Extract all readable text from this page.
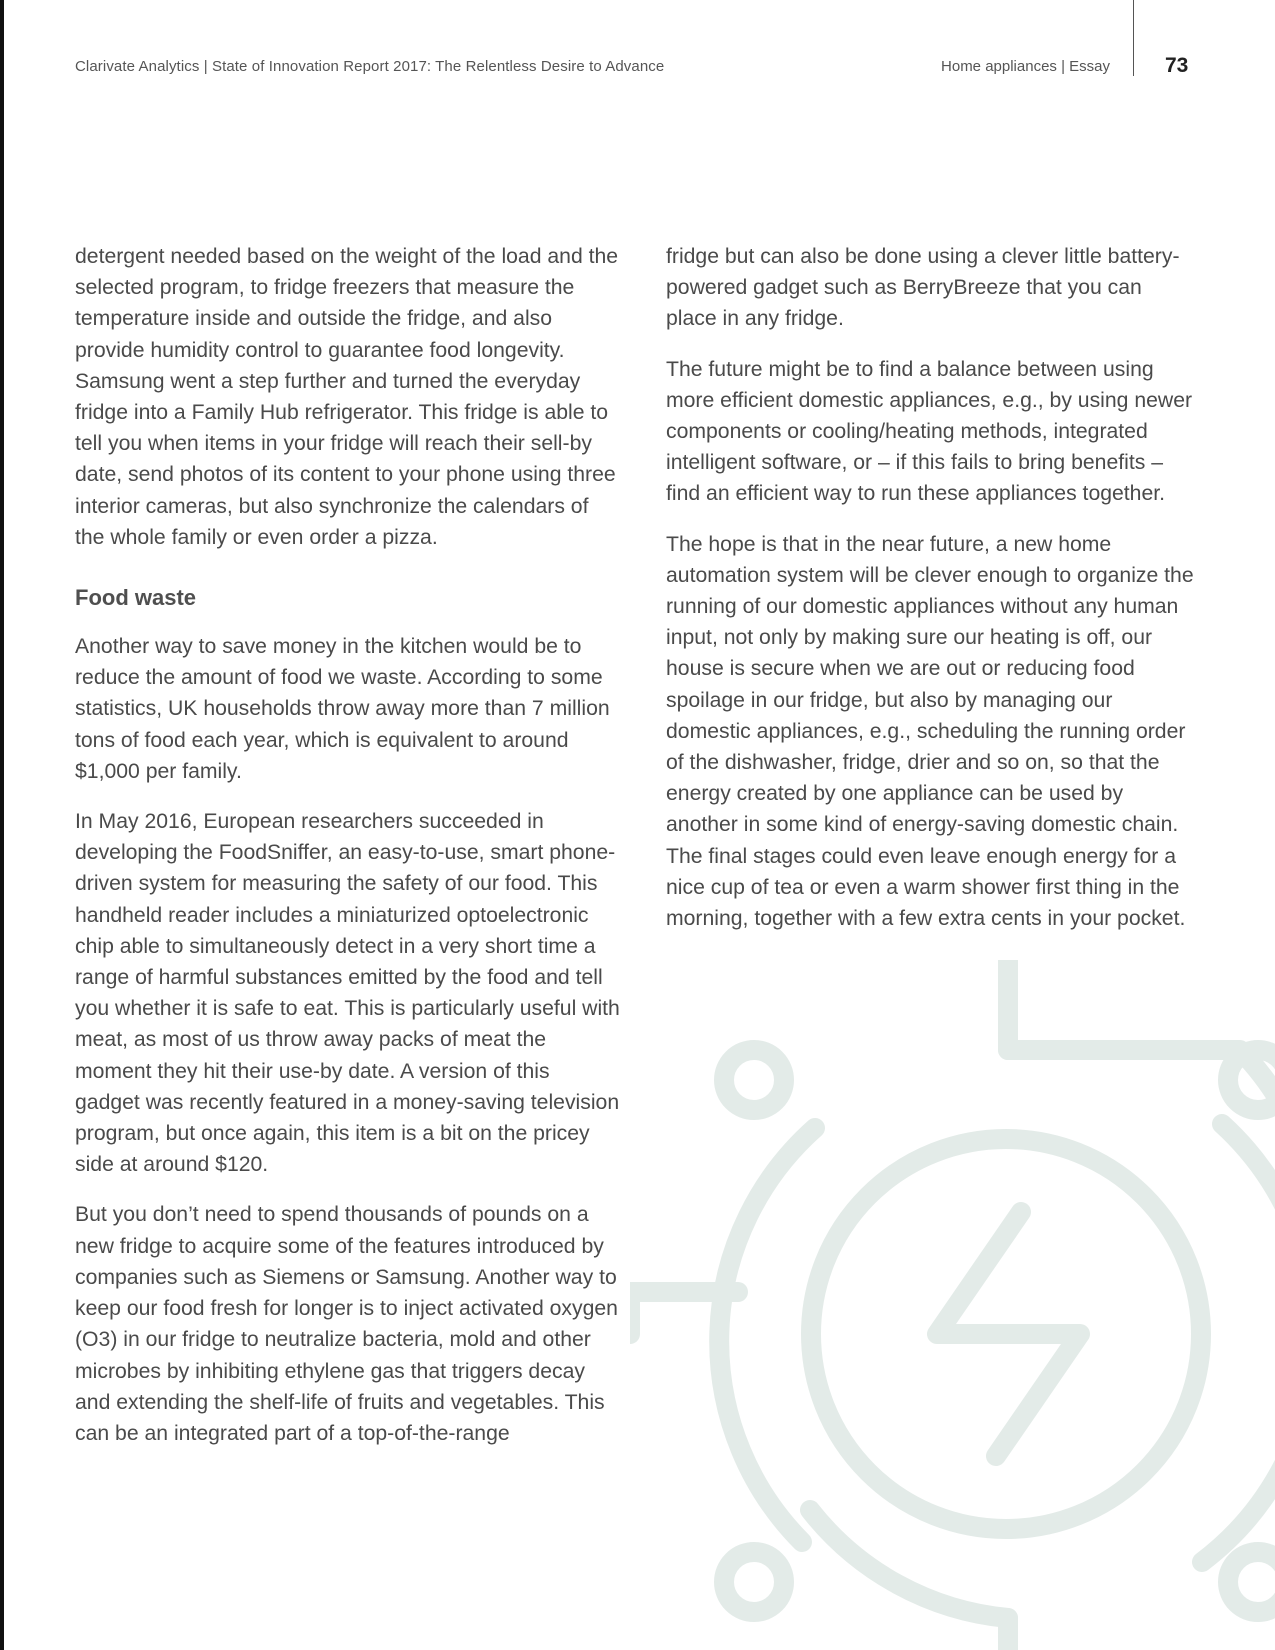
Clarivate Analytics | State of Innovation Report 2017: The Relentless Desire to Advance	Home appliances | Essay	73

detergent needed based on the weight of the load and the selected program, to fridge freezers that measure the temperature inside and outside the fridge, and also provide humidity control to guarantee food longevity. Samsung went a step further and turned the everyday fridge into a Family Hub refrigerator. This fridge is able to tell you when items in your fridge will reach their sell-by date, send photos of its content to your phone using three interior cameras, but also synchronize the calendars of the whole family or even order a pizza.

Food waste

Another way to save money in the kitchen would be to reduce the amount of food we waste. According to some statistics, UK households throw away more than 7 million tons of food each year, which is equivalent to around $1,000 per family.

In May 2016, European researchers succeeded in developing the FoodSniffer, an easy-to-use, smart phone-driven system for measuring the safety of our food. This handheld reader includes a miniaturized optoelectronic chip able to simultaneously detect in a very short time a range of harmful substances emitted by the food and tell you whether it is safe to eat. This is particularly useful with meat, as most of us throw away packs of meat the moment they hit their use-by date. A version of this gadget was recently featured in a money-saving television program, but once again, this item is a bit on the pricey side at around $120.

But you don’t need to spend thousands of pounds on a new fridge to acquire some of the features introduced by companies such as Siemens or Samsung. Another way to keep our food fresh for longer is to inject activated oxygen (O3) in our fridge to neutralize bacteria, mold and other microbes by inhibiting ethylene gas that triggers decay and extending the shelf-life of fruits and vegetables. This can be an integrated part of a top-of-the-range

fridge but can also be done using a clever little battery-powered gadget such as BerryBreeze that you can place in any fridge.

The future might be to find a balance between using more efficient domestic appliances, e.g., by using newer components or cooling/heating methods, integrated intelligent software, or – if this fails to bring benefits – find an efficient way to run these appliances together.

The hope is that in the near future, a new home automation system will be clever enough to organize the running of our domestic appliances without any human input, not only by making sure our heating is off, our house is secure when we are out or reducing food spoilage in our fridge, but also by managing our domestic appliances, e.g., scheduling the running order of the dishwasher, fridge, drier and so on, so that the energy created by one appliance can be used by another in some kind of energy-saving domestic chain. The final stages could even leave enough energy for a nice cup of tea or even a warm shower first thing in the morning, together with a few extra cents in your pocket.
